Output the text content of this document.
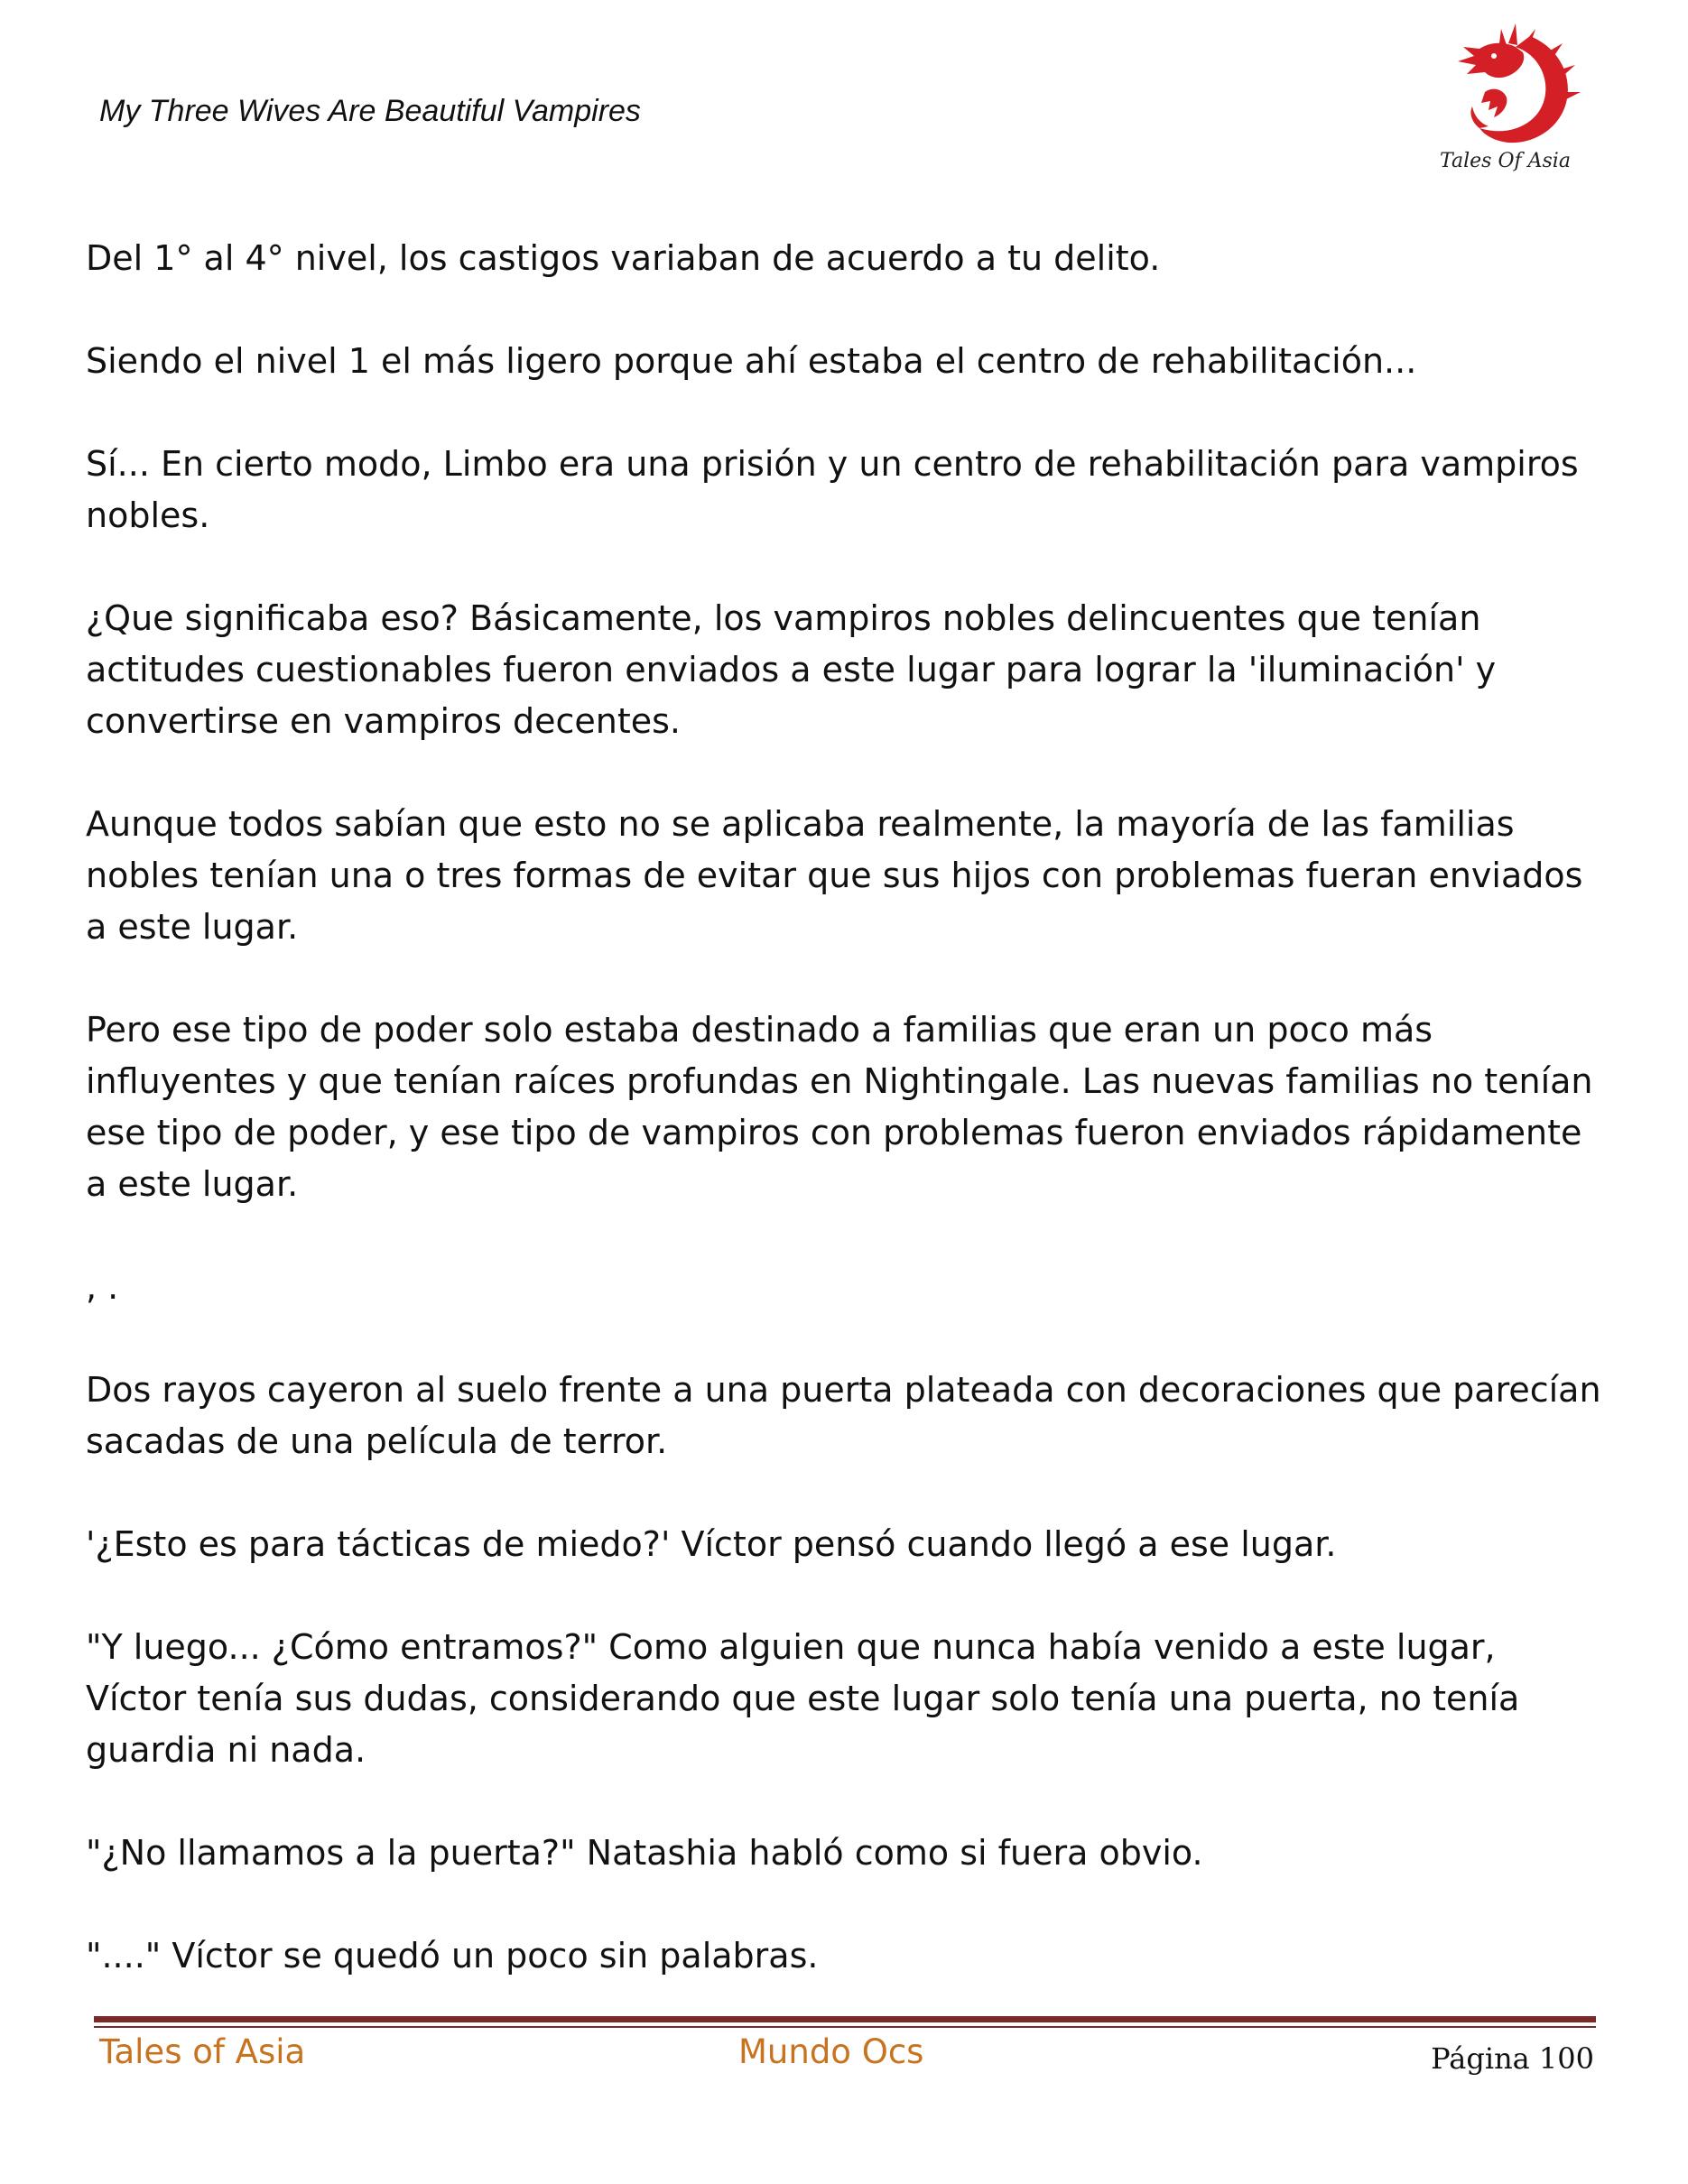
My Three Wives Are Beautiful Vampires
Tales Of Asia

Del 1° al 4° nivel, los castigos variaban de acuerdo a tu delito.

Siendo el nivel 1 el más ligero porque ahí estaba el centro de rehabilitación...

Sí... En cierto modo, Limbo era una prisión y un centro de rehabilitación para vampiros nobles.

¿Que significaba eso? Básicamente, los vampiros nobles delincuentes que tenían actitudes cuestionables fueron enviados a este lugar para lograr la 'iluminación' y convertirse en vampiros decentes.

Aunque todos sabían que esto no se aplicaba realmente, la mayoría de las familias nobles tenían una o tres formas de evitar que sus hijos con problemas fueran enviados a este lugar.

Pero ese tipo de poder solo estaba destinado a familias que eran un poco más influyentes y que tenían raíces profundas en Nightingale. Las nuevas familias no tenían ese tipo de poder, y ese tipo de vampiros con problemas fueron enviados rápidamente a este lugar.

, .

Dos rayos cayeron al suelo frente a una puerta plateada con decoraciones que parecían sacadas de una película de terror.

'¿Esto es para tácticas de miedo?' Víctor pensó cuando llegó a ese lugar.

"Y luego... ¿Cómo entramos?" Como alguien que nunca había venido a este lugar, Víctor tenía sus dudas, considerando que este lugar solo tenía una puerta, no tenía guardia ni nada.

"¿No llamamos a la puerta?" Natashia habló como si fuera obvio.

"...." Víctor se quedó un poco sin palabras.

Tales of Asia	Mundo Ocs	Página 100
